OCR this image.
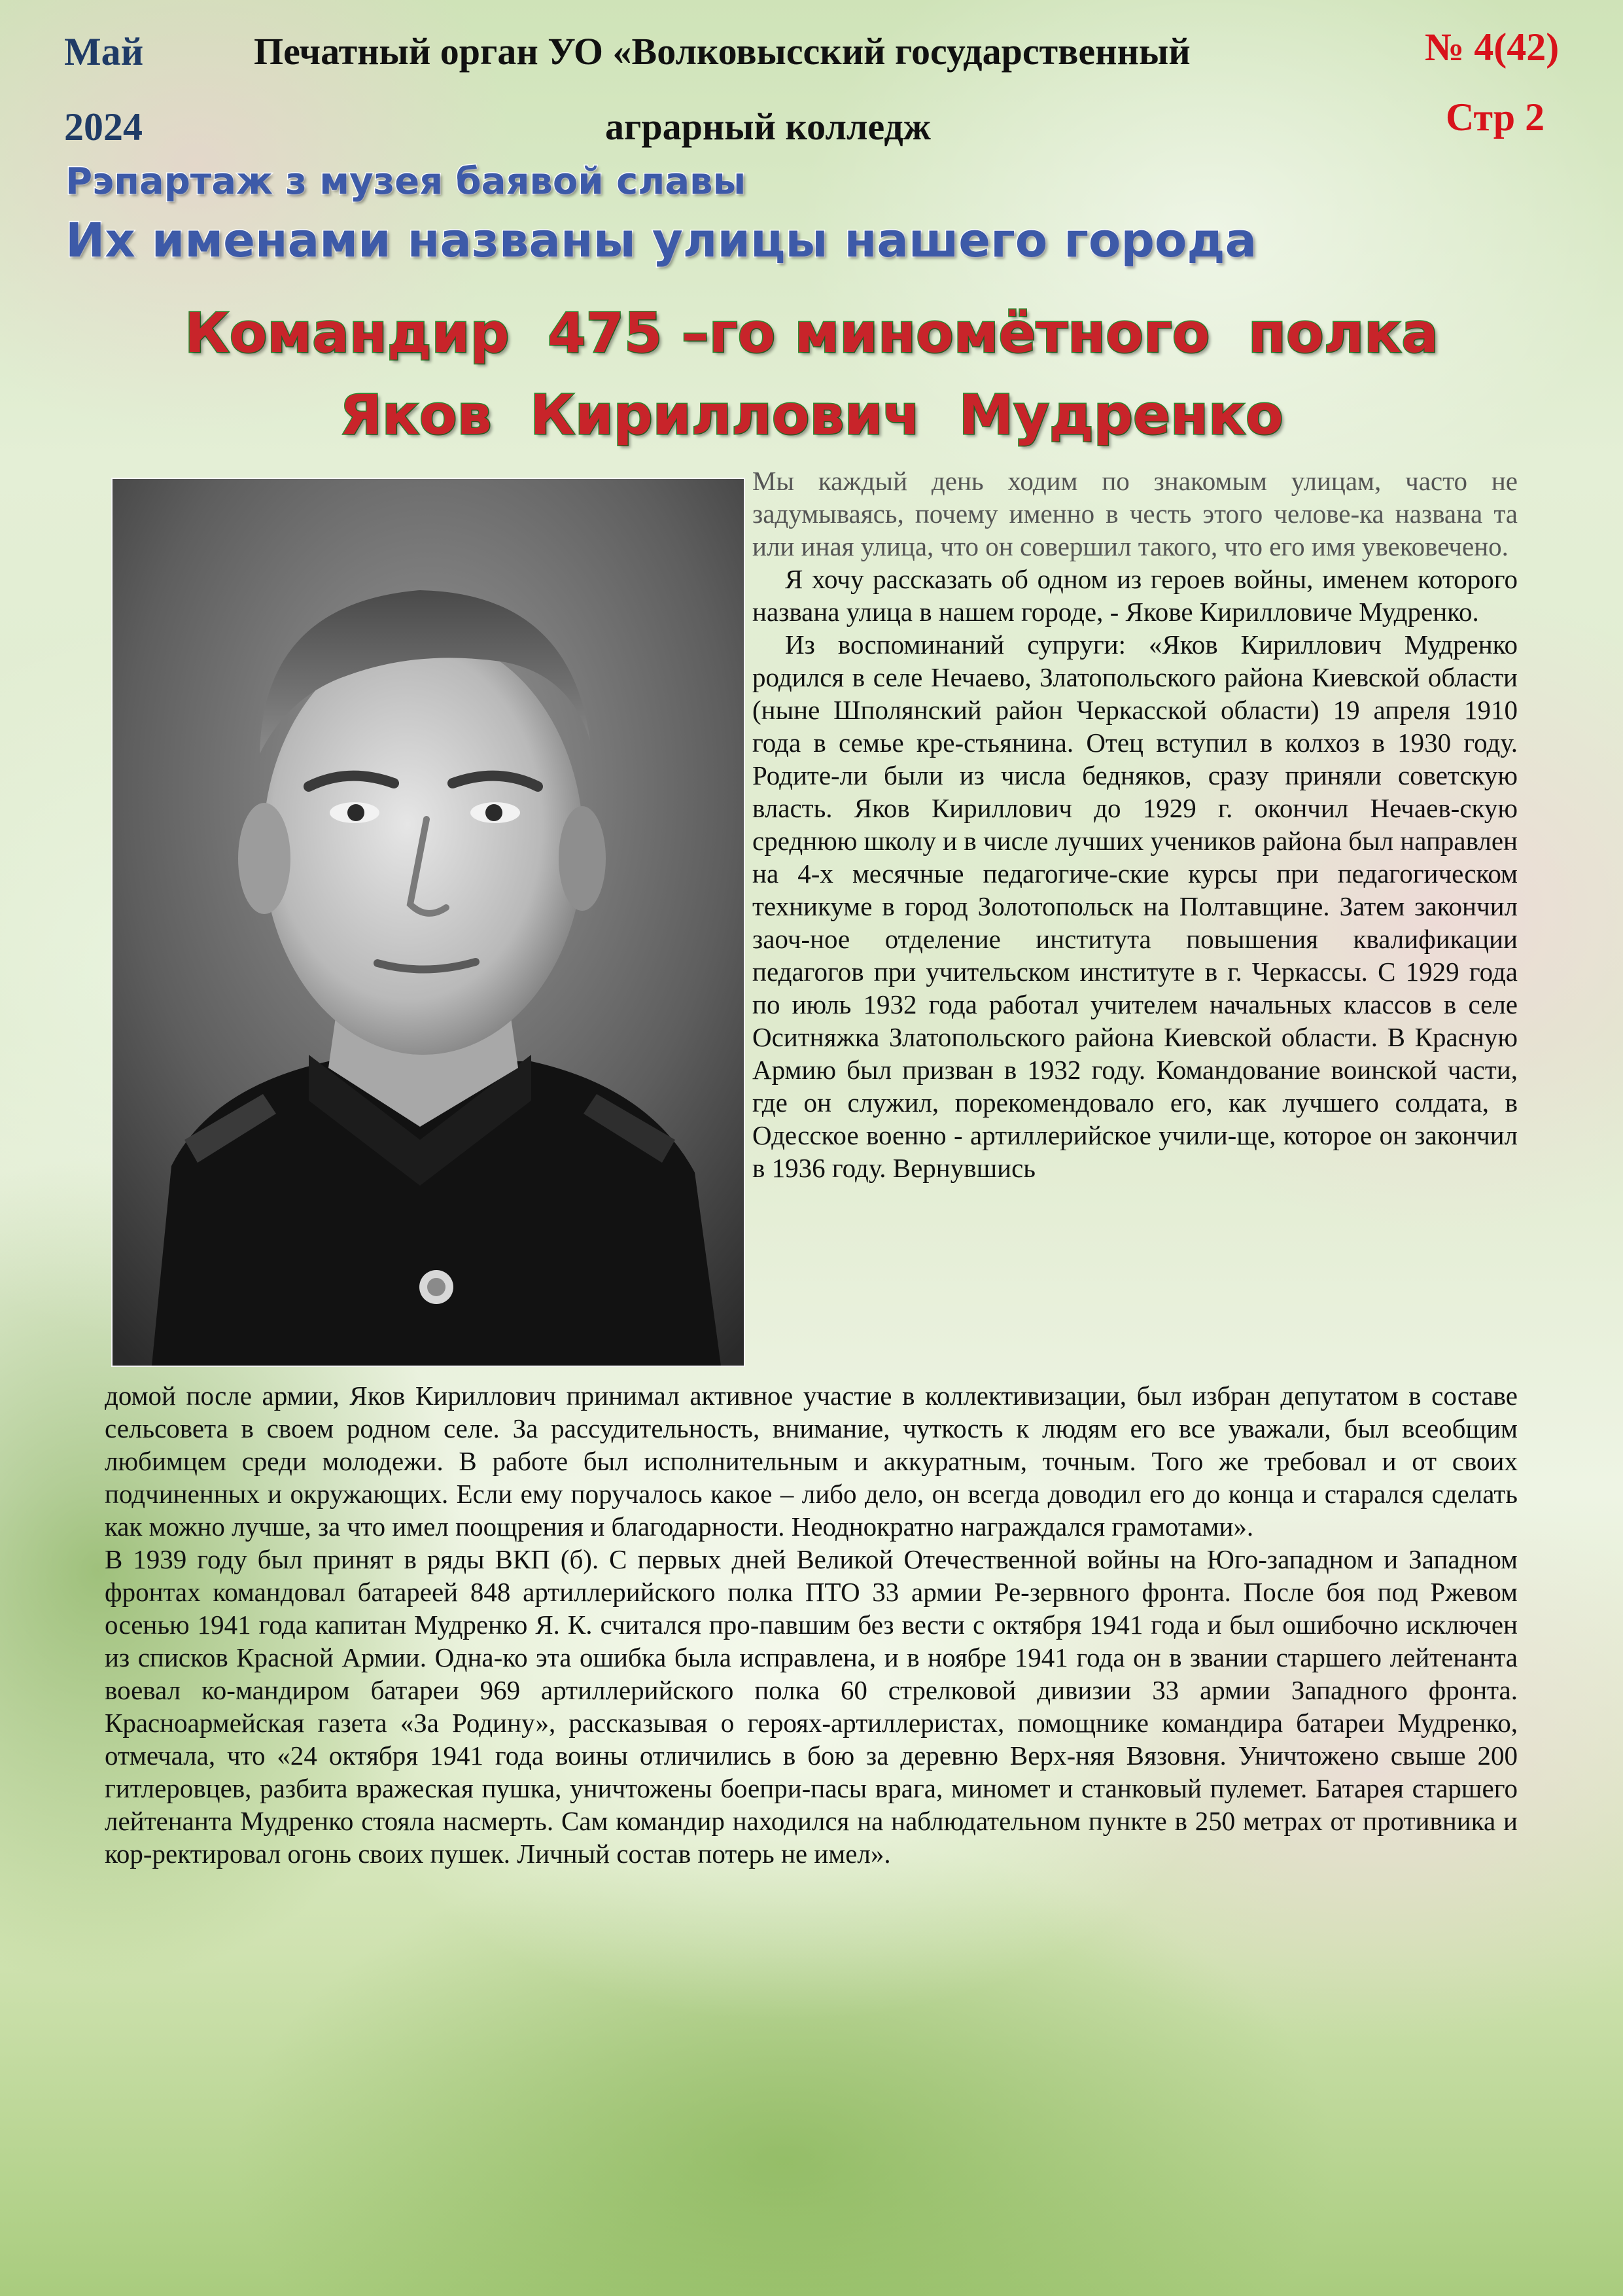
Май
2024
Печатный орган УО «Волковысский государственный
аграрный колледж
№ 4(42)
Стр 2
Рэпартаж з музея баявой славы
Их именами названы улицы нашего города
Командир  475 –го миномётного  полка
Яков  Кириллович  Мудренко

Мы каждый день ходим по знакомым улицам, часто не задумываясь, почему именно в честь этого челове-ка названа та или иная улица, что он совершил такого, что его имя увековечено.

Я хочу рассказать об одном из героев войны, именем которого названа улица в нашем городе, - Якове Кирилловиче Мудренко.

Из воспоминаний супруги: «Яков Кириллович Мудренко родился в селе Нечаево, Златопольского района Киевской области (ныне Шполянский район Черкасской области) 19 апреля 1910 года в семье кре-стьянина. Отец вступил в колхоз в 1930 году. Родите-ли были из числа бедняков, сразу приняли советскую власть. Яков Кириллович до 1929 г. окончил Нечаев-скую среднюю школу и в числе лучших учеников района был направлен на 4-х месячные педагогиче-ские курсы при педагогическом техникуме в город Золотопольск на Полтавщине. Затем закончил заоч-ное отделение института повышения квалификации педагогов при учительском институте в г. Черкассы. С 1929 года по июль 1932 года работал учителем начальных классов в селе Оситняжка Златопольского района Киевской области. В Красную Армию был призван в 1932 году. Командование воинской части, где он служил, порекомендовало его, как лучшего солдата, в Одесское военно - артиллерийское учили-ще, которое он закончил в 1936 году. Вернувшись

домой после армии, Яков Кириллович принимал активное участие в коллективизации, был избран депутатом в составе сельсовета в своем родном селе. За рассудительность, внимание, чуткость к людям его все уважали, был всеобщим любимцем среди молодежи. В работе был исполнительным и аккуратным, точным. Того же требовал и от своих подчиненных и окружающих. Если ему поручалось какое – либо дело, он всегда доводил его до конца и старался сделать как можно лучше, за что имел поощрения и благодарности. Неоднократно награждался грамотами».

В 1939 году был принят в ряды ВКП (б). С первых дней Великой Отечественной войны на Юго-западном и Западном фронтах командовал батареей 848 артиллерийского полка ПТО 33 армии Ре-зервного фронта. После боя под Ржевом осенью 1941 года капитан Мудренко Я. К. считался про-павшим без вести с октября 1941 года и был ошибочно исключен из списков Красной Армии. Одна-ко эта ошибка была исправлена, и в ноябре 1941 года он в звании старшего лейтенанта воевал ко-мандиром батареи 969 артиллерийского полка 60 стрелковой дивизии 33 армии Западного фронта. Красноармейская газета «За Родину», рассказывая о героях-артиллеристах, помощнике командира батареи Мудренко, отмечала, что «24 октября 1941 года воины отличились в бою за деревню Верх-няя Вязовня. Уничтожено свыше 200 гитлеровцев, разбита вражеская пушка, уничтожены боепри-пасы врага, миномет и станковый пулемет. Батарея старшего лейтенанта Мудренко стояла насмерть. Сам командир находился на наблюдательном пункте в 250 метрах от противника и кор-ректировал огонь своих пушек. Личный состав потерь не имел».
